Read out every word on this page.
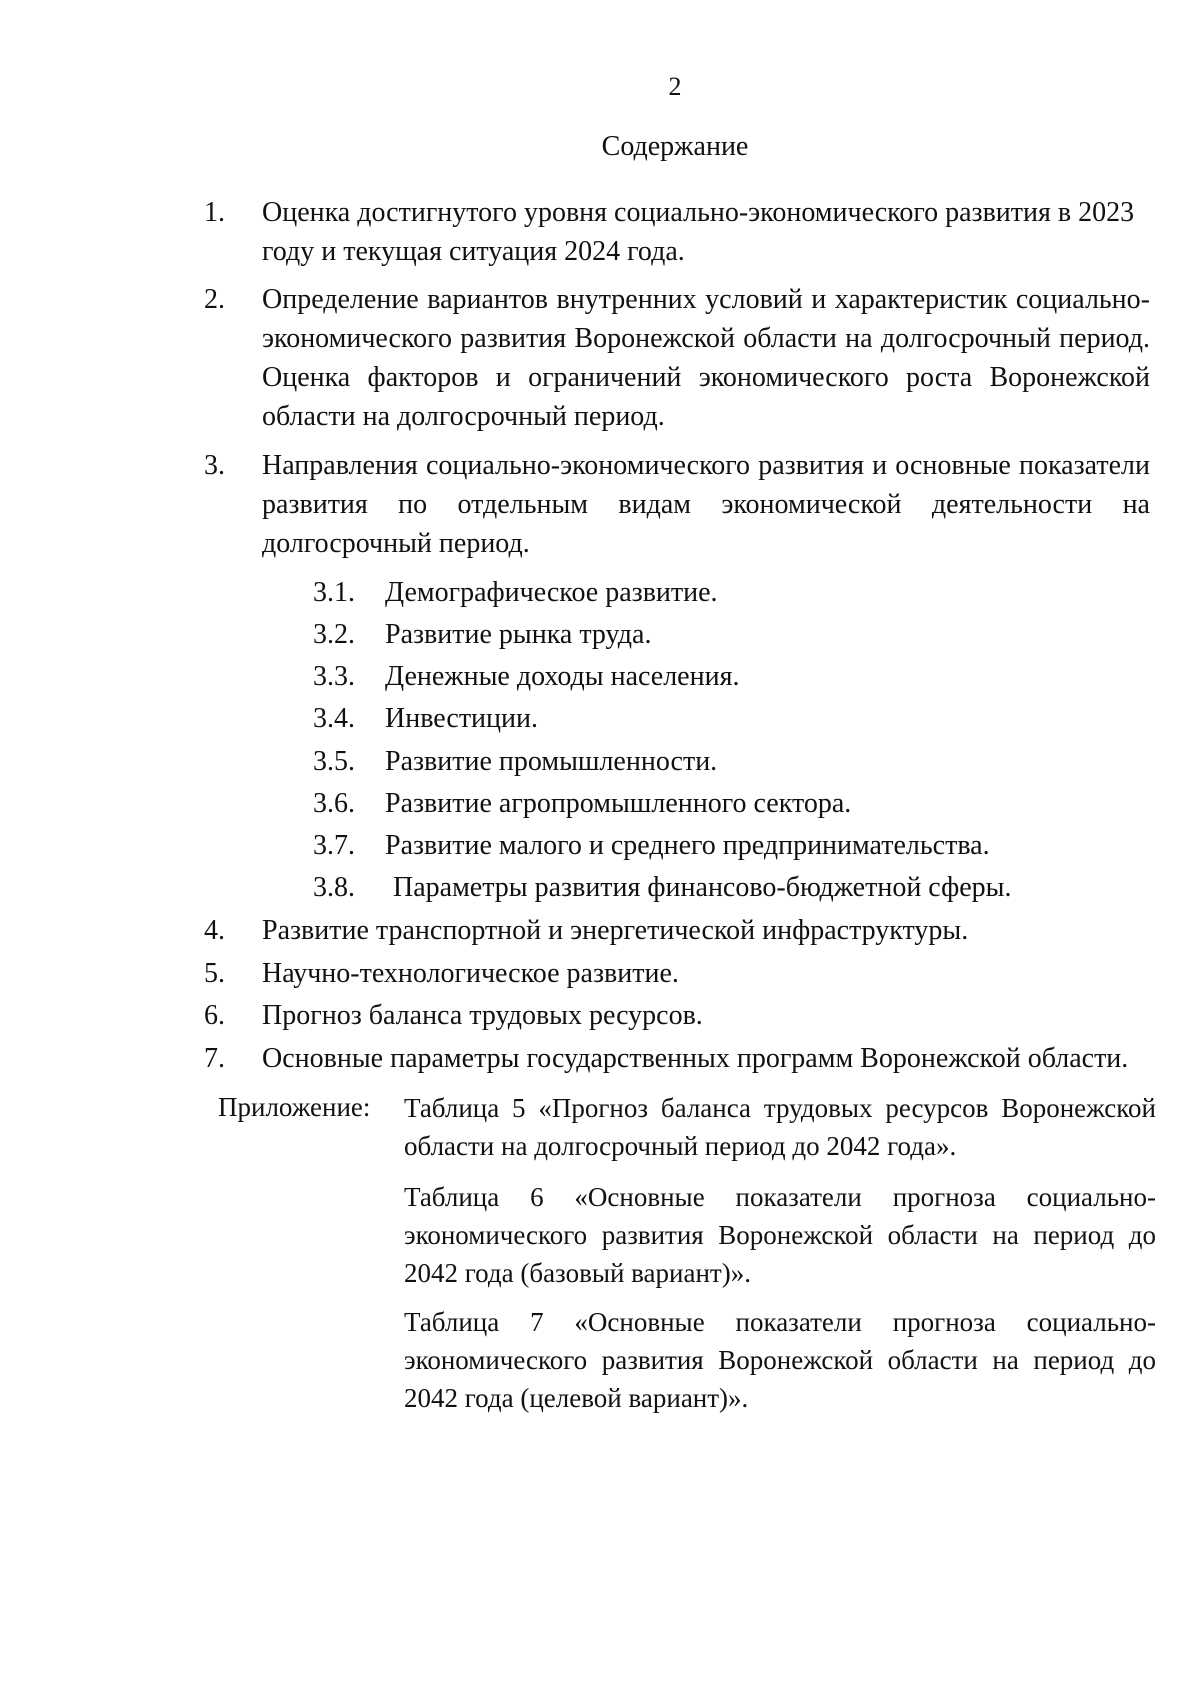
2
Содержание
1. Оценка достигнутого уровня социально-экономического развития в 2023 году и текущая ситуация 2024 года.
2. Определение вариантов внутренних условий и характеристик социально-экономического развития Воронежской области на долгосрочный период. Оценка факторов и ограничений экономического роста Воронежской области на долгосрочный период.
3. Направления социально-экономического развития и основные показатели развития по отдельным видам экономической деятельности на долгосрочный период.
3.1. Демографическое развитие.
3.2. Развитие рынка труда.
3.3. Денежные доходы населения.
3.4. Инвестиции.
3.5. Развитие промышленности.
3.6. Развитие агропромышленного сектора.
3.7. Развитие малого и среднего предпринимательства.
3.8. Параметры развития финансово-бюджетной сферы.
4. Развитие транспортной и энергетической инфраструктуры.
5. Научно-технологическое развитие.
6. Прогноз баланса трудовых ресурсов.
7. Основные параметры государственных программ Воронежской области.
Приложение: Таблица 5 «Прогноз баланса трудовых ресурсов Воронежской области на долгосрочный период до 2042 года».
Таблица 6 «Основные показатели прогноза социально-экономического развития Воронежской области на период до 2042 года (базовый вариант)».
Таблица 7 «Основные показатели прогноза социально-экономического развития Воронежской области на период до 2042 года (целевой вариант)».
